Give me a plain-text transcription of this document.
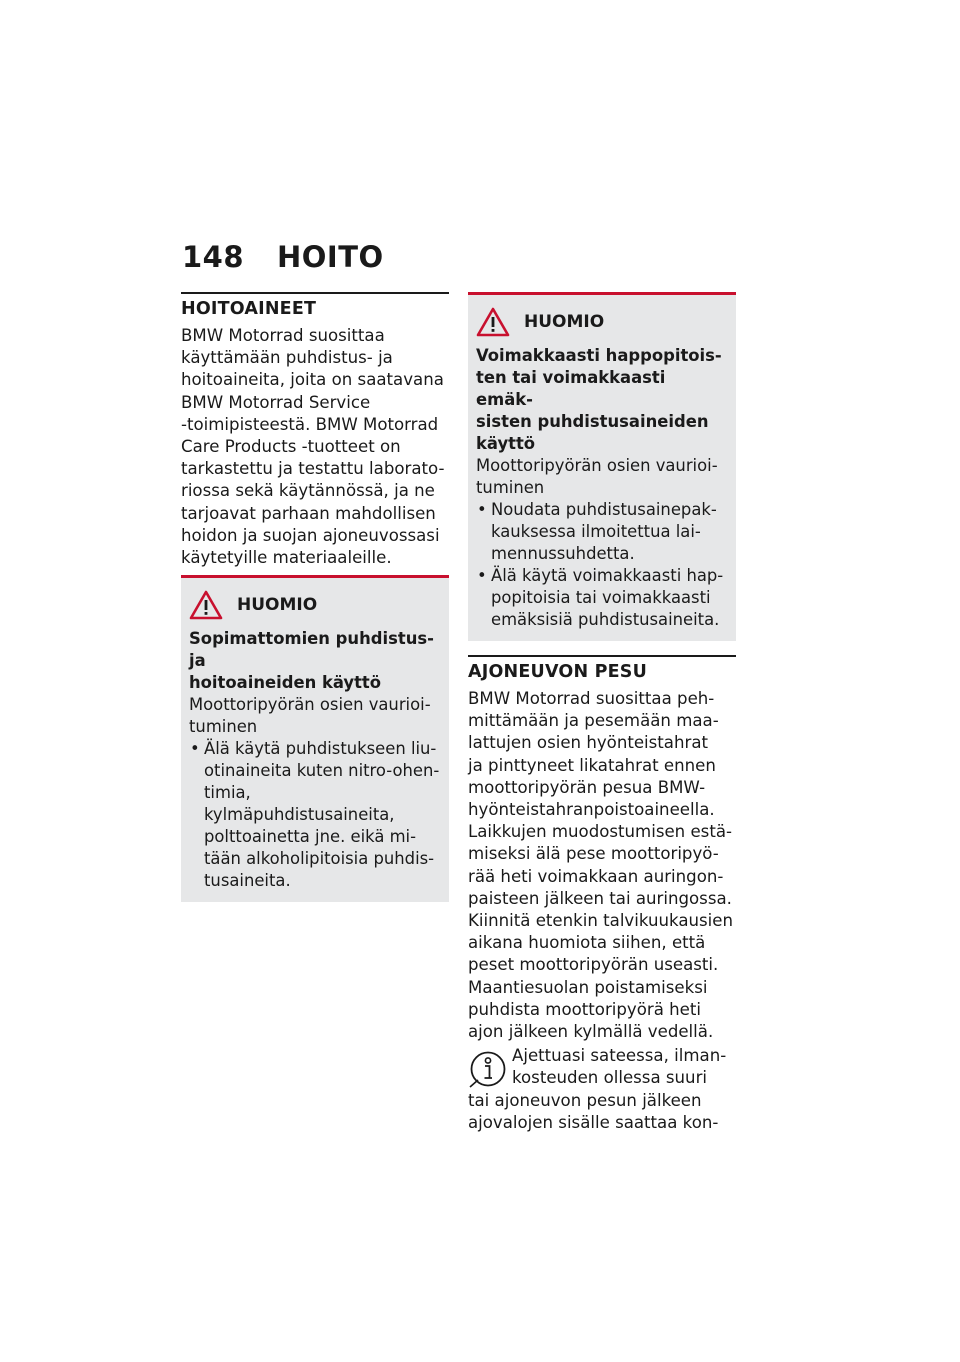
148 HOITO
HOITOAINEET

BMW Motorrad suosittaa

käyttämään puhdistus- ja

hoitoaineita, joita on saatavana

BMW Motorrad Service

-toimipisteestä. BMW Motorrad

Care Products -tuotteet on

tarkastettu ja testattu laborato-

riossa sekä käytännössä, ja ne

tarjoavat parhaan mahdollisen

hoidon ja suojan ajoneuvossasi

käytetyille materiaaleille.

HUOMIO
Sopimattomien puhdistus- ja
hoitoaineiden käyttö
Moottoripyörän osien vaurioi-
tuminen
• Älä käytä puhdistukseen liu-
otinaineita kuten nitro-ohen-
timia, kylmäpuhdistusaineita,
polttoainetta jne. eikä mi-
tään alkoholipitoisia puhdis-
tusaineita.
HUOMIO
Voimakkaasti happopitois-
ten tai voimakkaasti emäk-
sisten puhdistusaineiden
käyttö
Moottoripyörän osien vaurioi-
tuminen
• Noudata puhdistusainepak-
kauksessa ilmoitettua lai-
mennussuhdetta.
• Älä käytä voimakkaasti hap-
popitoisia tai voimakkaasti
emäksisiä puhdistusaineita.
AJONEUVON PESU

BMW Motorrad suosittaa peh-

mittämään ja pesemään maa-

lattujen osien hyönteistahrat

ja pinttyneet likatahrat ennen

moottoripyörän pesua BMW-

hyönteistahranpoistoaineella.

Laikkujen muodostumisen estä-

miseksi älä pese moottoripyö-

rää heti voimakkaan auringon-

paisteen jälkeen tai auringossa.

Kiinnitä etenkin talvikuukausien

aikana huomiota siihen, että

peset moottoripyörän useasti.

Maantiesuolan poistamiseksi

puhdista moottoripyörä heti

ajon jälkeen kylmällä vedellä.

Ajettuasi sateessa, ilman-
kosteuden ollessa suuri

tai ajoneuvon pesun jälkeen

ajovalojen sisälle saattaa kon-
